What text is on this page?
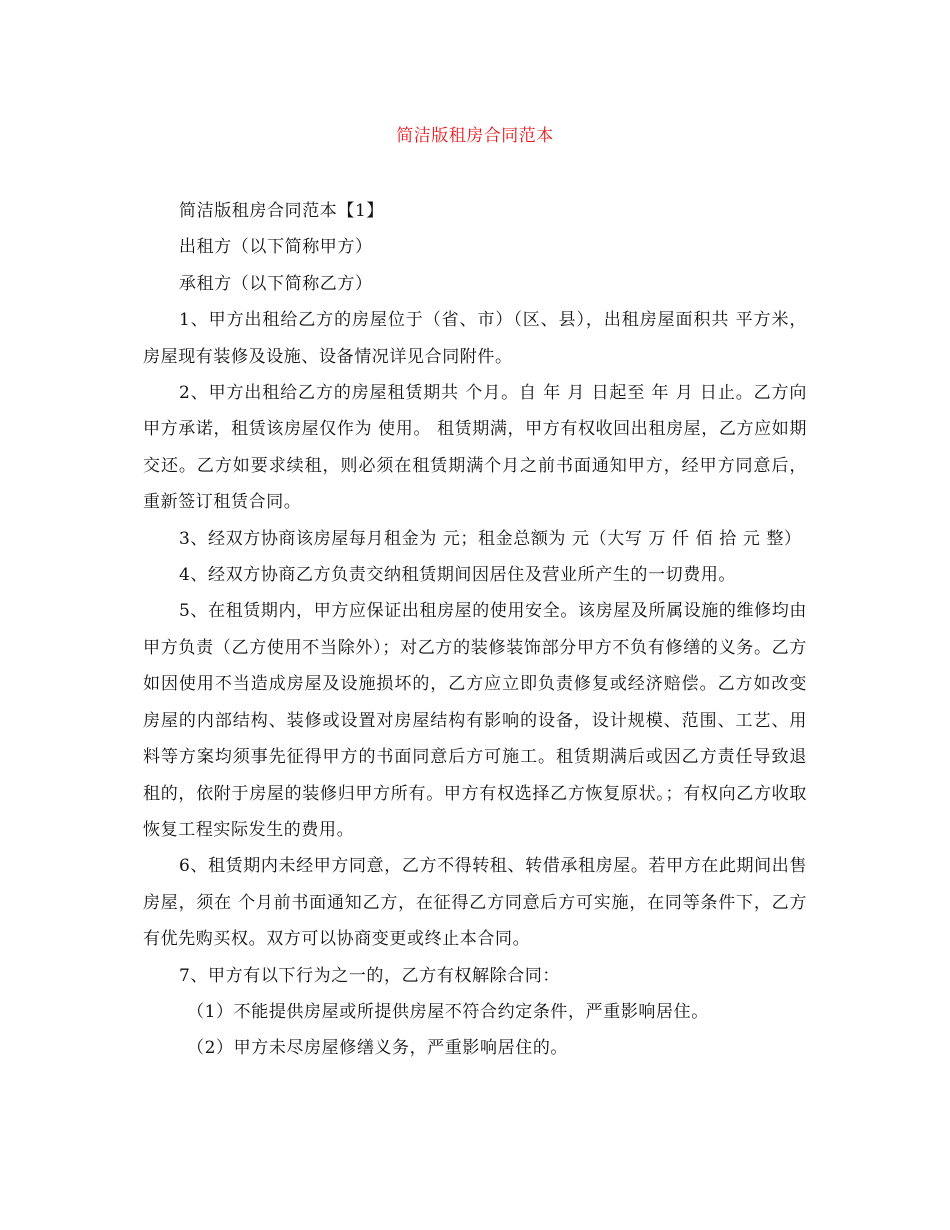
简洁版租房合同范本

简洁版租房合同范本【1】

出租方（以下简称甲方）

承租方（以下简称乙方）

1、甲方出租给乙方的房屋位于（省、市）（区、县），出租房屋面积共 平方米，房屋现有装修及设施、设备情况详见合同附件。

2、甲方出租给乙方的房屋租赁期共 个月。自 年 月 日起至 年 月 日止。乙方向甲方承诺，租赁该房屋仅作为 使用。 租赁期满，甲方有权收回出租房屋，乙方应如期交还。乙方如要求续租，则必须在租赁期满个月之前书面通知甲方，经甲方同意后，重新签订租赁合同。

3、经双方协商该房屋每月租金为 元；租金总额为 元（大写 万 仟 佰 拾 元 整）

4、经双方协商乙方负责交纳租赁期间因居住及营业所产生的一切费用。

5、在租赁期内，甲方应保证出租房屋的使用安全。该房屋及所属设施的维修均由甲方负责（乙方使用不当除外）；对乙方的装修装饰部分甲方不负有修缮的义务。乙方如因使用不当造成房屋及设施损坏的，乙方应立即负责修复或经济赔偿。乙方如改变房屋的内部结构、装修或设置对房屋结构有影响的设备，设计规模、范围、工艺、用料等方案均须事先征得甲方的书面同意后方可施工。租赁期满后或因乙方责任导致退租的，依附于房屋的装修归甲方所有。甲方有权选择乙方恢复原状。；有权向乙方收取恢复工程实际发生的费用。

6、租赁期内未经甲方同意，乙方不得转租、转借承租房屋。若甲方在此期间出售房屋，须在 个月前书面通知乙方，在征得乙方同意后方可实施，在同等条件下，乙方有优先购买权。双方可以协商变更或终止本合同。

7、甲方有以下行为之一的，乙方有权解除合同：

（1）不能提供房屋或所提供房屋不符合约定条件，严重影响居住。

（2）甲方未尽房屋修缮义务，严重影响居住的。
